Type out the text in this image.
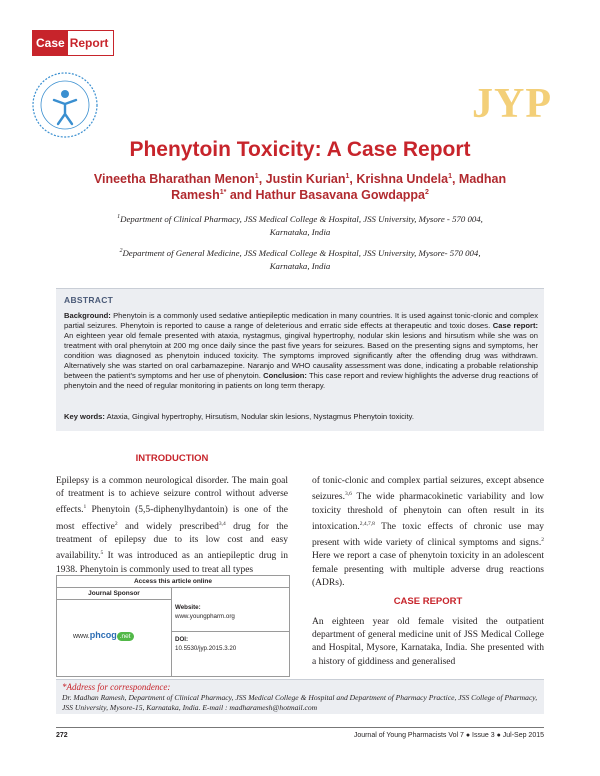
Case Report
JYP
Phenytoin Toxicity: A Case Report
Vineetha Bharathan Menon$^1$, Justin Kurian$^1$, Krishna Undela$^1$, Madhan
Ramesh$^{1*}$ and Hathur Basavana Gowdappa$^2$
$^1$Department of Clinical Pharmacy, JSS Medical College & Hospital, JSS University, Mysore - 570 004,
Karnataka, India
$^2$Department of General Medicine, JSS Medical College & Hospital, JSS University, Mysore- 570 004,
Karnataka, India
ABSTRACT
Background: Phenytoin is a commonly used sedative antiepileptic medication in many countries. It is used against tonic-clonic and complex partial seizures. Phenytoin is reported to cause a range of deleterious and erratic side effects at therapeutic and toxic doses. Case report: An eighteen year old female presented with ataxia, nystagmus, gingival hypertrophy, nodular skin lesions and hirsutism while she was on treatment with oral phenytoin at 200 mg once daily since the past five years for seizures. Based on the presenting signs and symptoms, her condition was diagnosed as phenytoin induced toxicity. The symptoms improved significantly after the offending drug was withdrawn. Alternatively she was started on oral carbamazepine. Naranjo and WHO causality assessment was done, indicating a probable relationship between the patient's symptoms and her use of phenytoin. Conclusion: This case report and review highlights the adverse drug reactions of phenytoin and the need of regular monitoring in patients on long term therapy.
Key words: Ataxia, Gingival hypertrophy, Hirsutism, Nodular skin lesions, Nystagmus Phenytoin toxicity.
INTRODUCTION
Epilepsy is a common neurological disorder. The main goal of treatment is to achieve seizure control without adverse effects.$^1$ Phenytoin (5,5-diphenylhydantoin) is one of the most effective$^2$ and widely prescribed$^{3,4}$ drug for the treatment of epilepsy due to its low cost and easy availability.$^5$ It was introduced as an antiepileptic drug in 1938. Phenytoin is commonly used to treat all types
of tonic-clonic and complex partial seizures, except absence seizures.$^{3,6}$ The wide pharmacokinetic variability and low toxicity threshold of phenytoin can often result in its intoxication.$^{2,4,7,8}$ The toxic effects of chronic use may present with wide variety of clinical symptoms and signs.$^2$ Here we report a case of phenytoin toxicity in an adolescent female presenting with multiple adverse drug reactions (ADRs).
CASE REPORT
An eighteen year old female visited the outpatient department of general medicine unit of JSS Medical College and Hospital, Mysore, Karnataka, India. She presented with a history of giddiness and generalised
Access this article online
Journal Sponsor
www.phcog .net
Website:
www.youngpharm.org
DOI:
10.5530/jyp.2015.3.20
*Address for correspondence:
Dr. Madhan Ramesh, Department of Clinical Pharmacy, JSS Medical College & Hospital and Department of Pharmacy Practice, JSS College of Pharmacy, JSS University, Mysore-15, Karnataka, India. E-mail : madharamesh@hotmail.com
272	Journal of Young Pharmacists Vol 7 ● Issue 3 ● Jul-Sep 2015
